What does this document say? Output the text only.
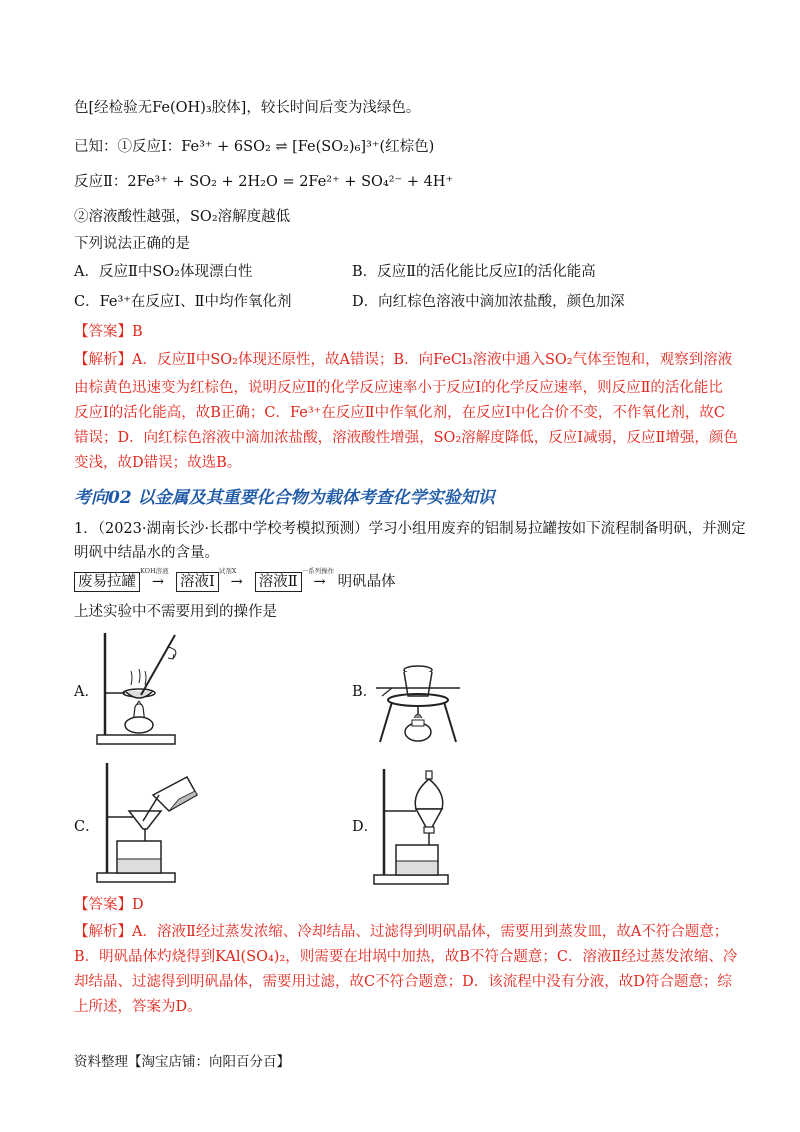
色[经检验无Fe(OH)₃胶体]，较长时间后变为浅绿色。
已知：①反应Ⅰ：Fe³⁺ + 6SO₂ ⇌ [Fe(SO₂)₆]³⁺(红棕色)
反应Ⅱ：2Fe³⁺ + SO₂ + 2H₂O = 2Fe²⁺ + SO₄²⁻ + 4H⁺
②溶液酸性越强，SO₂溶解度越低
下列说法正确的是
A．反应Ⅱ中SO₂体现漂白性	B．反应Ⅱ的活化能比反应Ⅰ的活化能高
C．Fe³⁺在反应Ⅰ、Ⅱ中均作氧化剂	D．向红棕色溶液中滴加浓盐酸，颜色加深
【答案】B
【解析】A．反应Ⅱ中SO₂体现还原性，故A错误；B．向FeCl₃溶液中通入SO₂气体至饱和，观察到溶液
由棕黄色迅速变为红棕色，说明反应Ⅱ的化学反应速率小于反应Ⅰ的化学反应速率，则反应Ⅱ的活化能比
反应Ⅰ的活化能高，故B正确；C．Fe³⁺在反应Ⅱ中作氧化剂，在反应Ⅰ中化合价不变，不作氧化剂，故C
错误；D．向红棕色溶液中滴加浓盐酸，溶液酸性增强，SO₂溶解度降低，反应Ⅰ减弱，反应Ⅱ增强，颜色
变浅，故D错误；故选B。
考向02 以金属及其重要化合物为载体考查化学实验知识
1．（2023·湖南长沙·长郡中学校考模拟预测）学习小组用废弃的铝制易拉罐按如下流程制备明矾，并测定
明矾中结晶水的含量。
废易拉罐
KOH溶液
→ 溶液Ⅰ
试剂X
→ 溶液Ⅱ
一系列操作
→ 明矾晶体
上述实验中不需要用到的操作是
A．	B．
C．	D．
【答案】D
【解析】A．溶液Ⅱ经过蒸发浓缩、冷却结晶、过滤得到明矾晶体，需要用到蒸发皿，故A不符合题意；
B．明矾晶体灼烧得到KAl(SO₄)₂，则需要在坩埚中加热，故B不符合题意；C．溶液Ⅱ经过蒸发浓缩、冷
却结晶、过滤得到明矾晶体，需要用过滤，故C不符合题意；D．该流程中没有分液，故D符合题意；综
上所述，答案为D。
资料整理【淘宝店铺：向阳百分百】
